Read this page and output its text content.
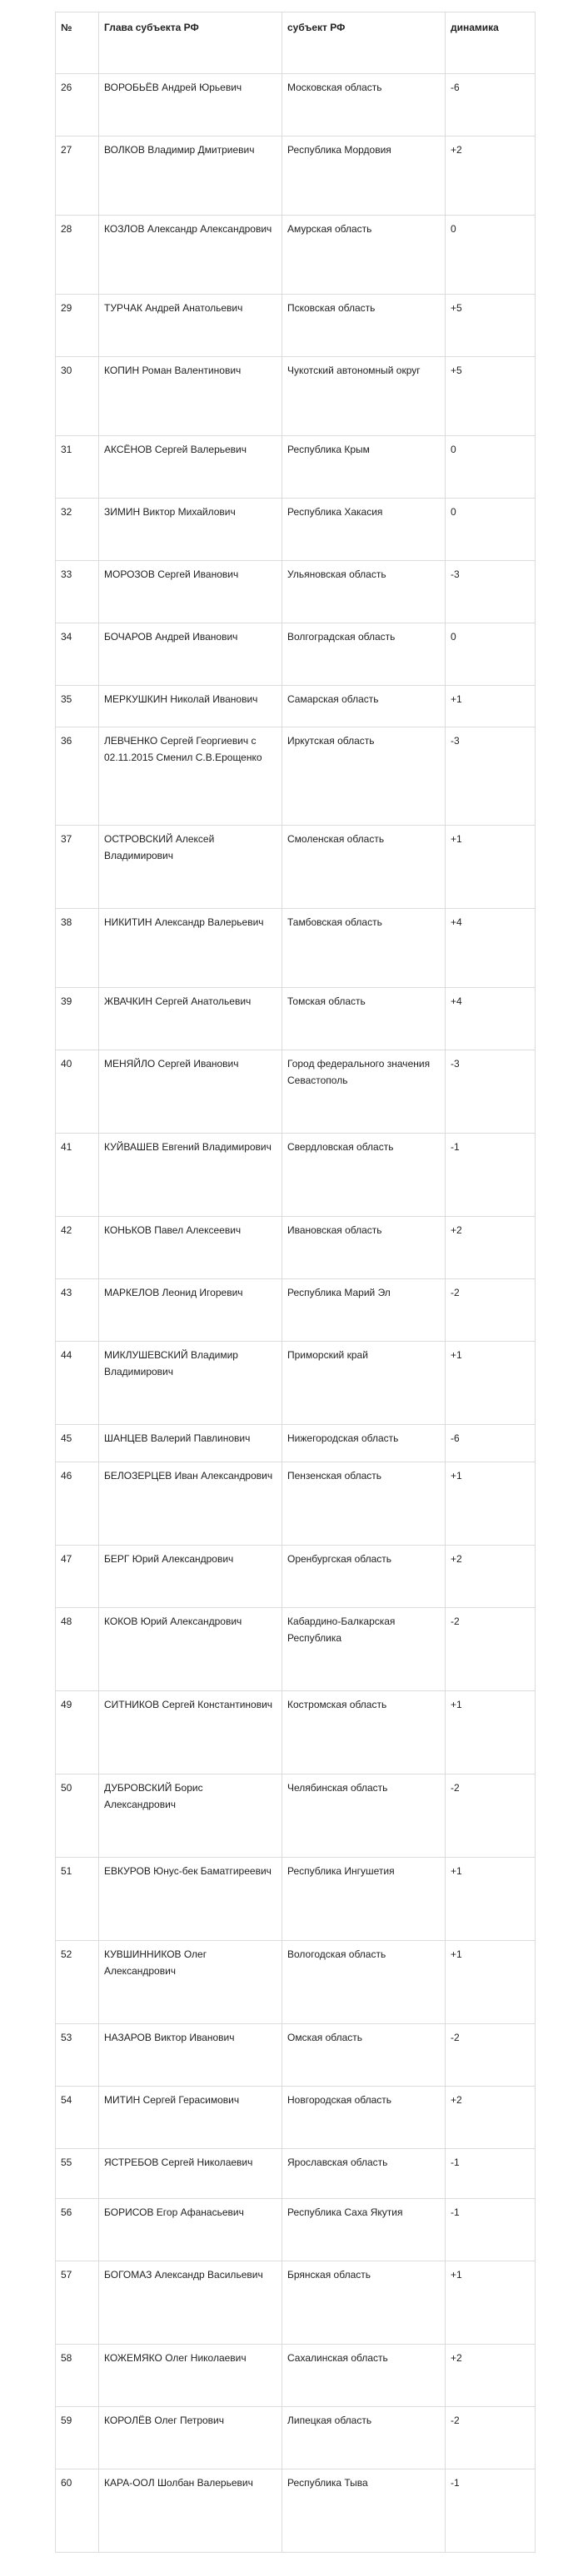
№	Глава субъекта РФ	субъект РФ	динамика
26	ВОРОБЬЁВ Андрей Юрьевич	Московская область	-6
27	ВОЛКОВ Владимир Дмитриевич	Республика Мордовия	+2
28	КОЗЛОВ Александр Александрович	Амурская область	0
29	ТУРЧАК Андрей Анатольевич	Псковская область	+5
30	КОПИН Роман Валентинович	Чукотский автономный округ	+5
31	АКСЁНОВ Сергей Валерьевич	Республика Крым	0
32	ЗИМИН Виктор Михайлович	Республика Хакасия	0
33	МОРОЗОВ Сергей Иванович	Ульяновская область	-3
34	БОЧАРОВ Андрей Иванович	Волгоградская область	0
35	МЕРКУШКИН Николай Иванович	Самарская область	+1
36	ЛЕВЧЕНКО Сергей Георгиевич с 02.11.2015 Сменил С.В.Ерощенко	Иркутская область	-3
37	ОСТРОВСКИЙ Алексей Владимирович	Смоленская область	+1
38	НИКИТИН Александр Валерьевич	Тамбовская область	+4
39	ЖВАЧКИН Сергей Анатольевич	Томская область	+4
40	МЕНЯЙЛО Сергей Иванович	Город федерального значения Севастополь	-3
41	КУЙВАШЕВ Евгений Владимирович	Свердловская область	-1
42	КОНЬКОВ Павел Алексеевич	Ивановская область	+2
43	МАРКЕЛОВ Леонид Игоревич	Республика Марий Эл	-2
44	МИКЛУШЕВСКИЙ Владимир Владимирович	Приморский край	+1
45	ШАНЦЕВ Валерий Павлинович	Нижегородская область	-6
46	БЕЛОЗЕРЦЕВ Иван Александрович	Пензенская область	+1
47	БЕРГ Юрий Александрович	Оренбургская область	+2
48	КОКОВ Юрий Александрович	Кабардино-Балкарская Республика	-2
49	СИТНИКОВ Сергей Константинович	Костромская область	+1
50	ДУБРОВСКИЙ Борис Александрович	Челябинская область	-2
51	ЕВКУРОВ Юнус-бек Баматгиреевич	Республика Ингушетия	+1
52	КУВШИННИКОВ Олег Александрович	Вологодская область	+1
53	НАЗАРОВ Виктор Иванович	Омская область	-2
54	МИТИН Сергей Герасимович	Новгородская область	+2
55	ЯСТРЕБОВ Сергей Николаевич	Ярославская область	-1
56	БОРИСОВ Егор Афанасьевич	Республика Саха Якутия	-1
57	БОГОМАЗ Александр Васильевич	Брянская область	+1
58	КОЖЕМЯКО Олег Николаевич	Сахалинская область	+2
59	КОРОЛЁВ Олег Петрович	Липецкая область	-2
60	КАРА-ООЛ Шолбан Валерьевич	Республика Тыва	-1
